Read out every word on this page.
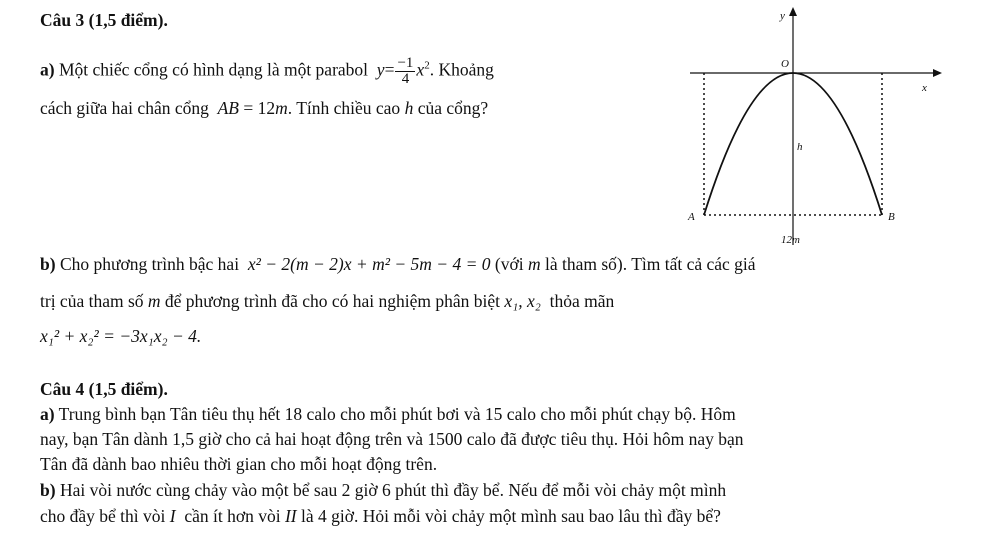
Câu 3 (1,5 điểm).
a) Một chiếc cổng có hình dạng là một parabol $y= \frac{-1}{4} x^2$. Khoảng
cách giữa hai chân cổng AB = 12m. Tính chiều cao h của cổng?
y
O
x
h
A	B
12m
b) Cho phương trình bậc hai x² − 2(m − 2)x + m² − 5m − 4 = 0 (với m là tham số). Tìm tất cả các giá
trị của tham số m để phương trình đã cho có hai nghiệm phân biệt x₁, x₂ thỏa mãn
x₁² + x₂² = −3x₁x₂ − 4.
Câu 4 (1,5 điểm).
a) Trung bình bạn Tân tiêu thụ hết 18 calo cho mỗi phút bơi và 15 calo cho mỗi phút chạy bộ. Hôm
nay, bạn Tân dành 1,5 giờ cho cả hai hoạt động trên và 1500 calo đã được tiêu thụ. Hỏi hôm nay bạn
Tân đã dành bao nhiêu thời gian cho mỗi hoạt động trên.
b) Hai vòi nước cùng chảy vào một bể sau 2 giờ 6 phút thì đầy bể. Nếu để mỗi vòi chảy một mình
cho đầy bể thì vòi I cần ít hơn vòi II là 4 giờ. Hỏi mỗi vòi chảy một mình sau bao lâu thì đầy bể?
